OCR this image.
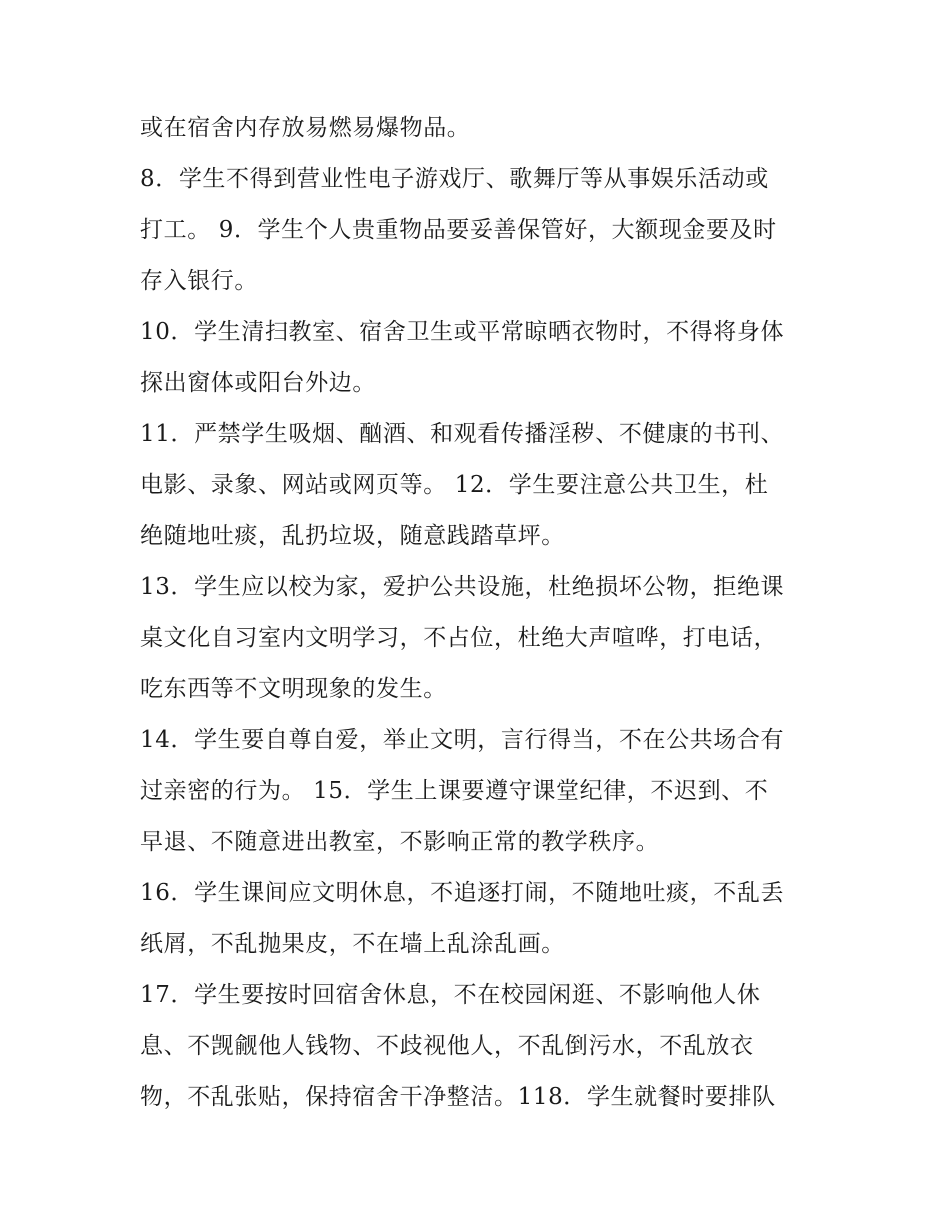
或在宿舍内存放易燃易爆物品。
8．学生不得到营业性电子游戏厅、歌舞厅等从事娱乐活动或
打工。 9．学生个人贵重物品要妥善保管好，大额现金要及时
存入银行。
10．学生清扫教室、宿舍卫生或平常晾晒衣物时，不得将身体
探出窗体或阳台外边。
11．严禁学生吸烟、酗酒、和观看传播淫秽、不健康的书刊、
电影、录象、网站或网页等。 12．学生要注意公共卫生，杜
绝随地吐痰，乱扔垃圾，随意践踏草坪。
13．学生应以校为家，爱护公共设施，杜绝损坏公物，拒绝课
桌文化自习室内文明学习，不占位，杜绝大声喧哗，打电话，
吃东西等不文明现象的发生。
14．学生要自尊自爱，举止文明，言行得当，不在公共场合有
过亲密的行为。 15．学生上课要遵守课堂纪律，不迟到、不
早退、不随意进出教室，不影响正常的教学秩序。
16．学生课间应文明休息，不追逐打闹，不随地吐痰，不乱丢
纸屑，不乱抛果皮，不在墙上乱涂乱画。
17．学生要按时回宿舍休息，不在校园闲逛、不影响他人休
息、不觊觎他人钱物、不歧视他人，不乱倒污水，不乱放衣
物，不乱张贴，保持宿舍干净整洁。118．学生就餐时要排队
